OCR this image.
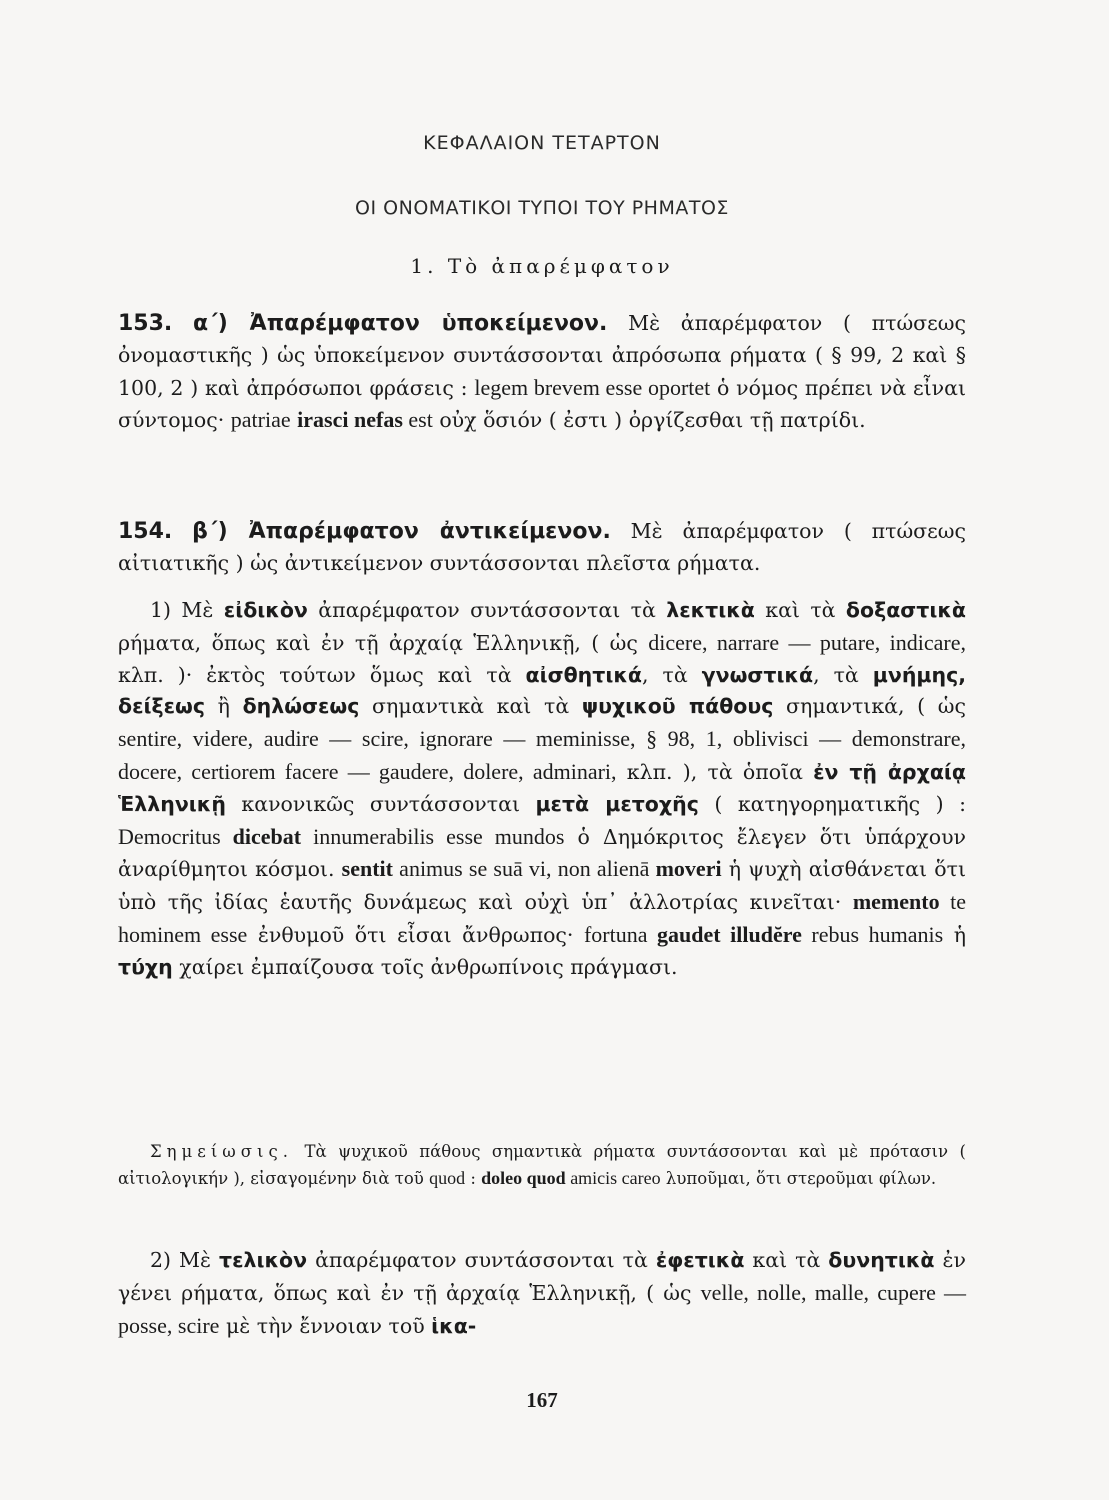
ΚΕΦΑΛΑΙΟΝ ΤΕΤΑΡΤΟΝ
ΟΙ ΟΝΟΜΑΤΙΚΟΙ ΤΥΠΟΙ ΤΟΥ ΡΗΜΑΤΟΣ
1. Τὸ ἀπαρέμφατον

153. α΄) Ἀπαρέμφατον ὑποκείμενον. Μὲ ἀπαρέμφατον ( πτώσεως ὀνομαστικῆς ) ὡς ὑποκείμενον συντάσσονται ἀπρόσωπα ρήματα ( § 99, 2 καὶ § 100, 2 ) καὶ ἀπρόσωποι φράσεις : legem brevem esse oportet ὁ νόμος πρέπει νὰ εἶναι σύντομος· patriae irasci nefas est οὐχ ὅσιόν ( ἐστι ) ὀργίζεσθαι τῇ πατρίδι.

154. β΄) Ἀπαρέμφατον ἀντικείμενον. Μὲ ἀπαρέμφατον ( πτώσεως αἰτιατικῆς ) ὡς ἀντικείμενον συντάσσονται πλεῖστα ρήματα.

1) Μὲ εἰδικὸν ἀπαρέμφατον συντάσσονται τὰ λεκτικὰ καὶ τὰ δοξαστικὰ ρήματα, ὅπως καὶ ἐν τῇ ἀρχαίᾳ Ἑλληνικῇ, ( ὡς dicere, narrare — putare, indicare, κλπ. )· ἐκτὸς τούτων ὅμως καὶ τὰ αἰσθητικά, τὰ γνωστικά, τὰ μνήμης, δείξεως ἢ δηλώσεως σημαντικὰ καὶ τὰ ψυχικοῦ πάθους σημαντικά, ( ὡς sentire, videre, audire — scire, ignorare — meminisse, § 98, 1, oblivisci — demonstrare, docere, certiorem facere — gaudere, dolere, adminari, κλπ. ), τὰ ὁποῖα ἐν τῇ ἀρχαίᾳ Ἑλληνικῇ κανονικῶς συντάσσονται μετὰ μετοχῆς ( κατηγορηματικῆς ) : Democritus dicebat innumerabilis esse mundos ὁ Δημόκριτος ἔλεγεν ὅτι ὑπάρχουν ἀναρίθμητοι κόσμοι. sentit animus se suā vi, non alienā moveri ἡ ψυχὴ αἰσθάνεται ὅτι ὑπὸ τῆς ἰδίας ἑαυτῆς δυνάμεως καὶ οὐχὶ ὑπ᾽ ἀλλοτρίας κινεῖται· memento te hominem esse ἐνθυμοῦ ὅτι εἶσαι ἄνθρωπος· fortuna gaudet illudĕre rebus humanis ἡ τύχη χαίρει ἐμπαίζουσα τοῖς ἀνθρωπίνοις πράγμασι.

Σημείωσις. Τὰ ψυχικοῦ πάθους σημαντικὰ ρήματα συντάσσονται καὶ μὲ πρότασιν ( αἰτιολογικήν ), εἰσαγομένην διὰ τοῦ quod : doleo quod amicis careo λυποῦμαι, ὅτι στεροῦμαι φίλων.

2) Μὲ τελικὸν ἀπαρέμφατον συντάσσονται τὰ ἐφετικὰ καὶ τὰ δυνητικὰ ἐν γένει ρήματα, ὅπως καὶ ἐν τῇ ἀρχαίᾳ Ἑλληνικῇ, ( ὡς velle, nolle, malle, cupere — posse, scire μὲ τὴν ἔννοιαν τοῦ ἱκα-

167
